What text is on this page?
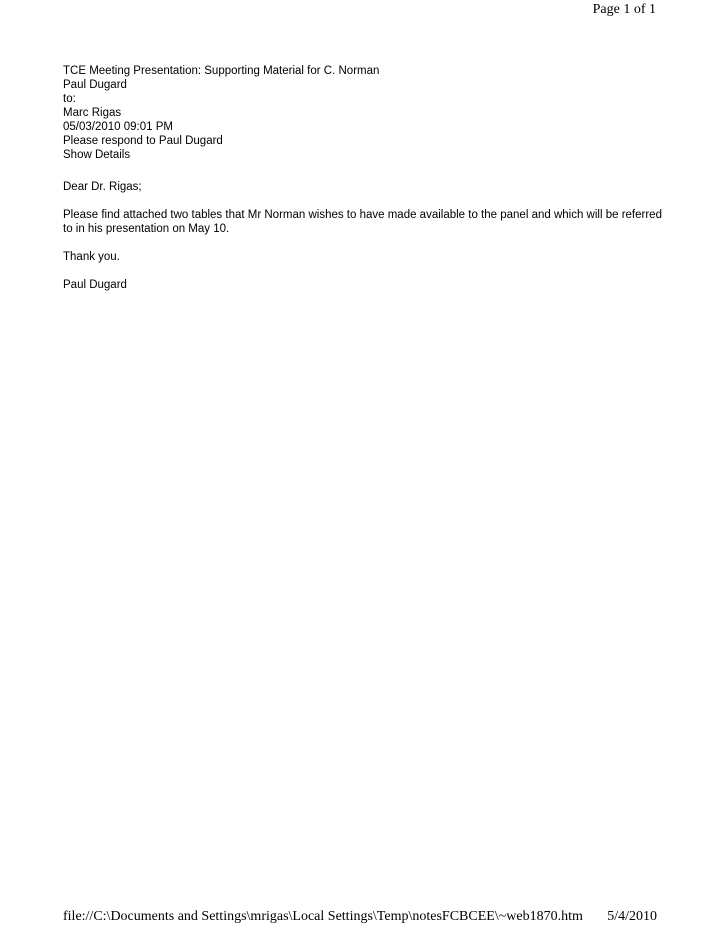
Page 1 of 1
TCE Meeting Presentation: Supporting Material for C. Norman
Paul Dugard
to:
Marc Rigas
05/03/2010 09:01 PM
Please respond to Paul Dugard
Show Details

Dear Dr. Rigas;

Please find attached two tables that Mr Norman wishes to have made available to the panel and which will be referred to in his presentation on May 10.

Thank you.

Paul Dugard

file://C:\Documents and Settings\mrigas\Local Settings\Temp\notesFCBCEE\~web1870.htm 5/4/2010
